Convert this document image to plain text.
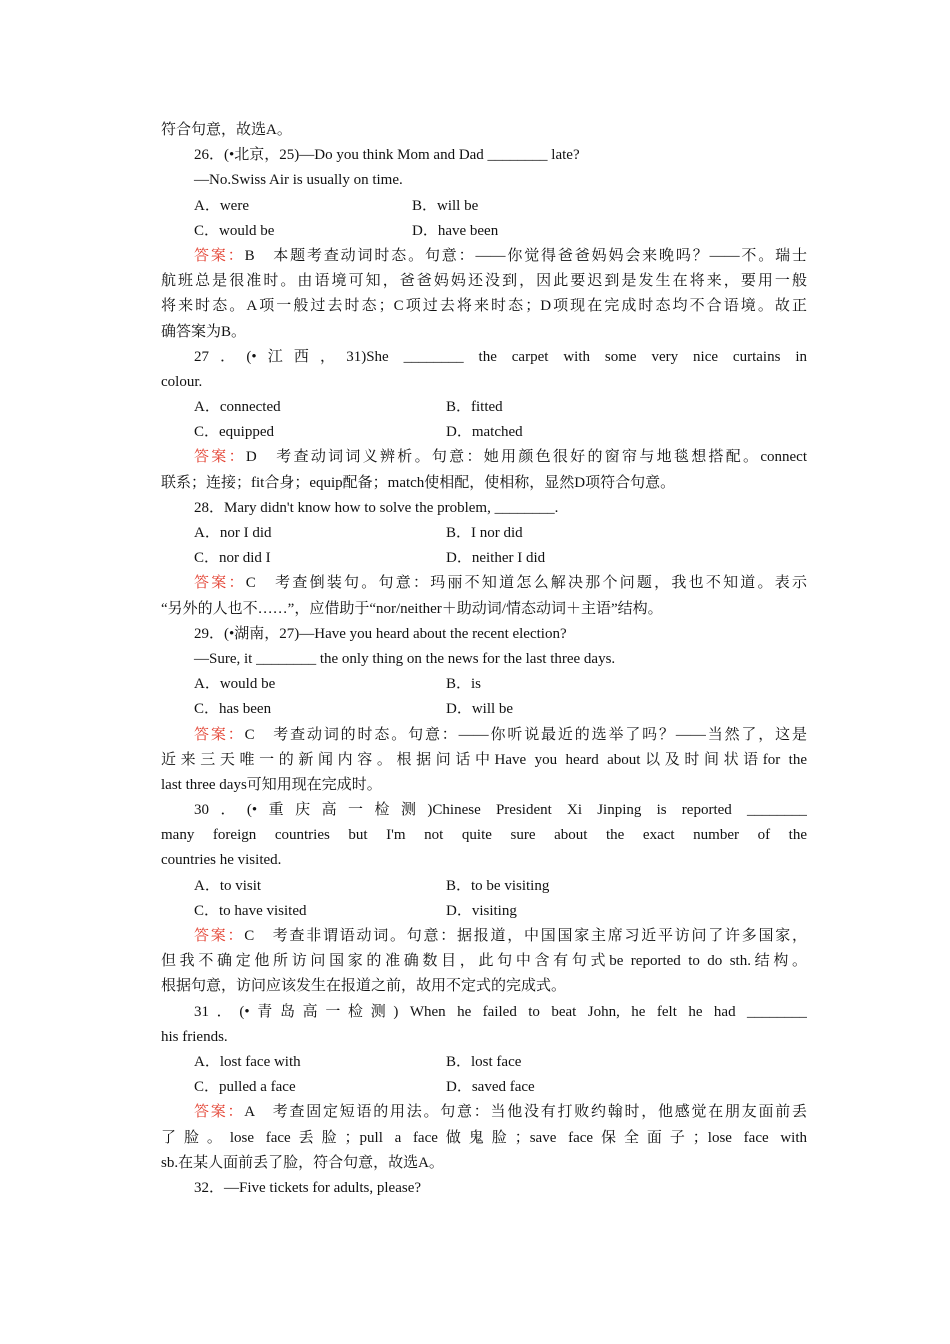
符合句意，故选A。
26．(•北京，25)—Do you think Mom and Dad ________ late?
—No.Swiss Air is usually on time.
A．were	B．will be
C．would be	D．have been
答案：B　本题考查动词时态。句意：——你觉得爸爸妈妈会来晚吗？——不。瑞士
航班总是很准时。由语境可知，爸爸妈妈还没到，因此要迟到是发生在将来，要用一般
将来时态。A项一般过去时态；C项过去将来时态；D项现在完成时态均不合语境。故正
确答案为B。
27．(•江西，31)She ________ the carpet with some very nice curtains in
colour.
A．connected	B．fitted
C．equipped	D．matched
答案：D　考查动词词义辨析。句意：她用颜色很好的窗帘与地毯想搭配。connect
联系；连接；fit合身；equip配备；match使相配，使相称，显然D项符合句意。
28．Mary didn't know how to solve the problem, ________.
A．nor I did	B．I nor did
C．nor did I	D．neither I did
答案：C　考查倒装句。句意：玛丽不知道怎么解决那个问题，我也不知道。表示
“另外的人也不……”，应借助于“nor/neither＋助动词/情态动词＋主语”结构。
29．(•湖南，27)—Have you heard about the recent election?
—Sure, it ________ the only thing on the news for the last three days.
A．would be	B．is
C．has been	D．will be
答案：C　考查动词的时态。句意：——你听说最近的选举了吗？——当然了，这是
近来三天唯一的新闻内容。根据问话中Have you heard about以及时间状语for the
last three days可知用现在完成时。
30．(•重庆高一检测)Chinese President Xi Jinping is reported ________
many foreign countries but I'm not quite sure about the exact number of the
countries he visited.
A．to visit	B．to be visiting
C．to have visited	D．visiting
答案：C　考查非谓语动词。句意：据报道，中国国家主席习近平访问了许多国家，
但我不确定他所访问国家的准确数目，此句中含有句式be reported to do sth.结构。
根据句意，访问应该发生在报道之前，故用不定式的完成式。
31．(•青岛高一检测) When he failed to beat John, he felt he had ________
his friends.
A．lost face with	B．lost face
C．pulled a face	D．saved face
答案：A　考查固定短语的用法。句意：当他没有打败约翰时，他感觉在朋友面前丢
了脸。lose face丢脸；pull a face做鬼脸；save face保全面子；lose face with
sb.在某人面前丢了脸，符合句意，故选A。
32．—Five tickets for adults, please?
